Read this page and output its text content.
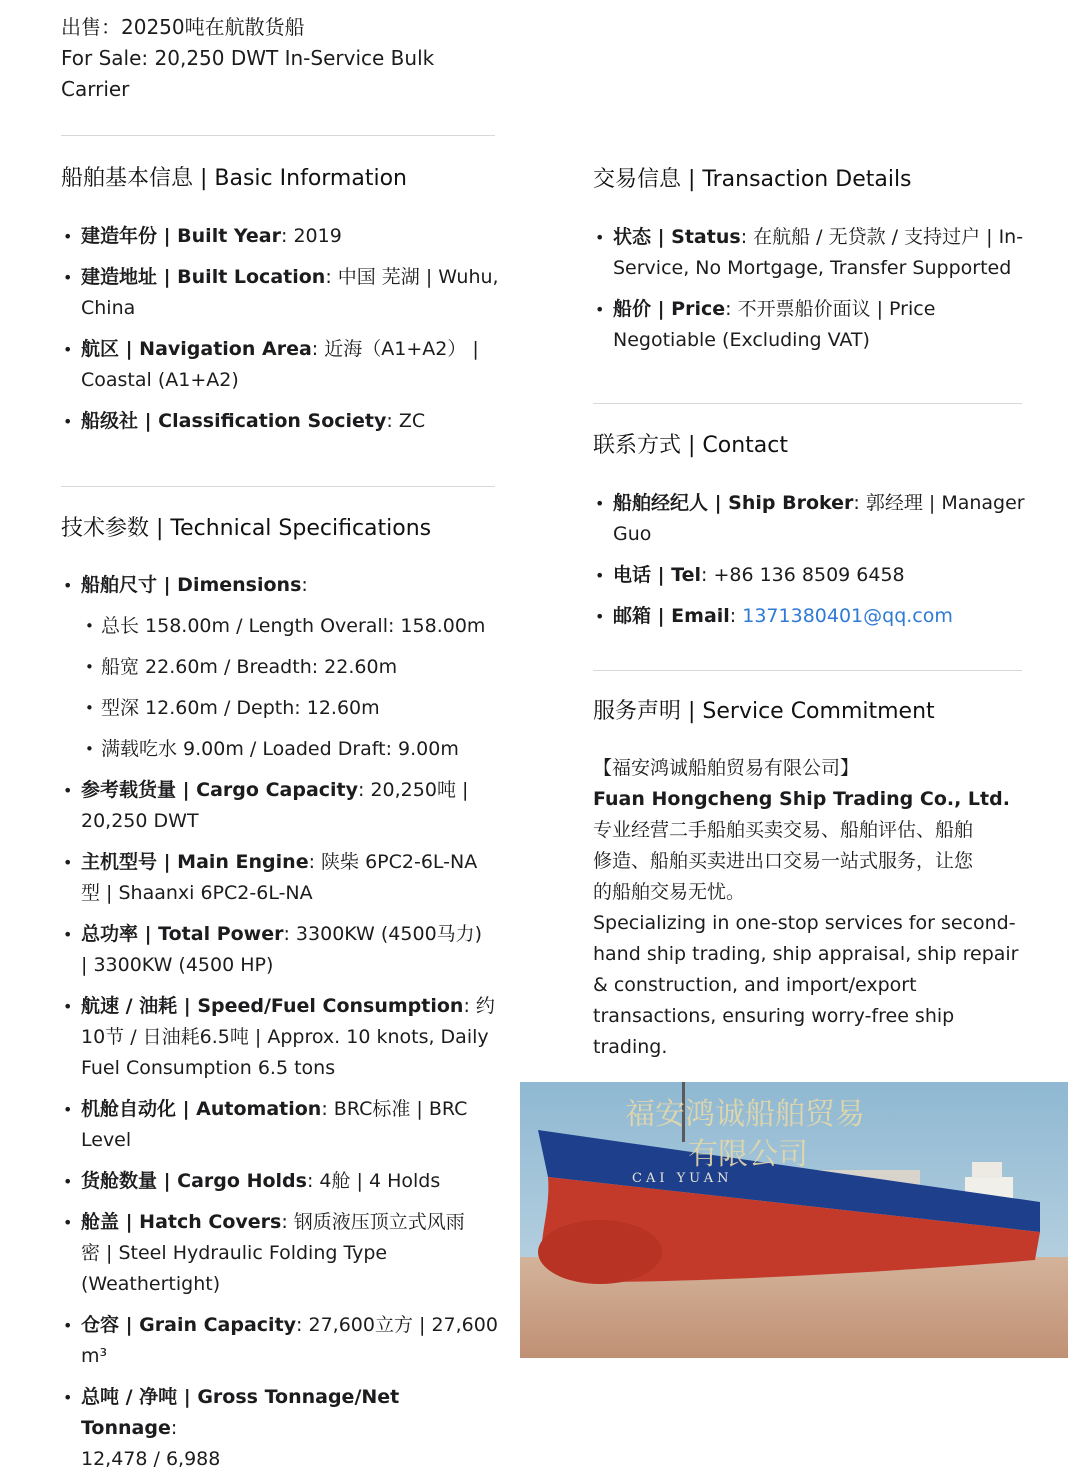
出售：20250吨在航散货船
For Sale: 20,250 DWT In-Service Bulk
Carrier
船舶基本信息 | Basic Information
• 建造年份 | Built Year: 2019
• 建造地址 | Built Location: 中国 芜湖 | Wuhu,
China
• 航区 | Navigation Area: 近海（A1+A2） |
Coastal (A1+A2)
• 船级社 | Classification Society: ZC
技术参数 | Technical Specifications
• 船舶尺寸 | Dimensions:
• 总长 158.00m / Length Overall: 158.00m
• 船宽 22.60m / Breadth: 22.60m
• 型深 12.60m / Depth: 12.60m
• 满载吃水 9.00m / Loaded Draft: 9.00m
• 参考载货量 | Cargo Capacity: 20,250吨 |
20,250 DWT
• 主机型号 | Main Engine: 陕柴 6PC2-6L-NA
型 | Shaanxi 6PC2-6L-NA
• 总功率 | Total Power: 3300KW (4500马力)
| 3300KW (4500 HP)
• 航速 / 油耗 | Speed/Fuel Consumption: 约
10节 / 日油耗6.5吨 | Approx. 10 knots, Daily
Fuel Consumption 6.5 tons
• 机舱自动化 | Automation: BRC标准 | BRC
Level
• 货舱数量 | Cargo Holds: 4舱 | 4 Holds
• 舱盖 | Hatch Covers: 钢质液压顶立式风雨
密 | Steel Hydraulic Folding Type
(Weathertight)
• 仓容 | Grain Capacity: 27,600立方 | 27,600
m³
• 总吨 / 净吨 | Gross Tonnage/Net Tonnage:
12,478 / 6,988
交易信息 | Transaction Details
• 状态 | Status: 在航船 / 无贷款 / 支持过户 | In-
Service, No Mortgage, Transfer Supported
• 船价 | Price: 不开票船价面议 | Price
Negotiable (Excluding VAT)
联系方式 | Contact
• 船舶经纪人 | Ship Broker: 郭经理 | Manager
Guo
• 电话 | Tel: +86 136 8509 6458
• 邮箱 | Email: 1371380401@qq.com
服务声明 | Service Commitment
【福安鸿诚船舶贸易有限公司】
Fuan Hongcheng Ship Trading Co., Ltd.
专业经营二手船舶买卖交易、船舶评估、船舶
修造、船舶买卖进出口交易一站式服务，让您
的船舶交易无忧。
Specializing in one-stop services for second-
hand ship trading, ship appraisal, ship repair
& construction, and import/export
transactions, ensuring worry-free ship
trading.
福安鸿诚船舶贸易
有限公司
CAI YUAN
